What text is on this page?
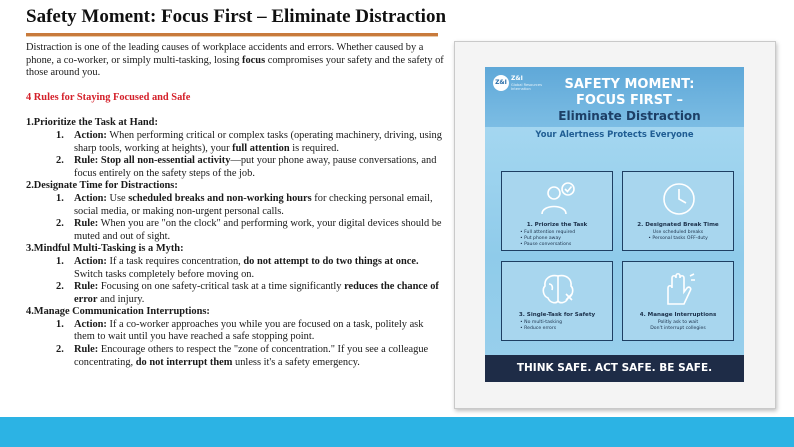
Safety Moment: Focus First – Eliminate Distraction

Distraction is one of the leading causes of workplace accidents and errors. Whether caused by a phone, a co-worker, or simply multi-tasking, losing focus compromises your safety and the safety of those around you.

4 Rules for Staying Focused and Safe

1.Prioritize the Task at Hand:
1. Action: When performing critical or complex tasks (operating machinery, driving, using sharp tools, working at heights), your full attention is required.
2. Rule: Stop all non-essential activity—put your phone away, pause conversations, and focus entirely on the safety steps of the job.
2.Designate Time for Distractions:
1. Action: Use scheduled breaks and non-working hours for checking personal email, social media, or making non-urgent personal calls.
2. Rule: When you are "on the clock" and performing work, your digital devices should be muted and out of sight.
3.Mindful Multi-Tasking is a Myth:
1. Action: If a task requires concentration, do not attempt to do two things at once. Switch tasks completely before moving on.
2. Rule: Focusing on one safety-critical task at a time significantly reduces the chance of error and injury.
4.Manage Communication Interruptions:
1. Action: If a co-worker approaches you while you are focused on a task, politely ask them to wait until you have reached a safe stopping point.
2. Rule: Encourage others to respect the "zone of concentration." If you see a colleague concentrating, do not interrupt them unless it's a safety emergency.
Z&I
Z&I
Global Resources Internation	SAFETY MOMENT:
FOCUS FIRST –
Eliminate Distraction
Your Alertness Protects Everyone
1. Priorize the Task
• Full attention required
• Put phone away
• Pause conversations
2. Designated Break Time
Use scheduled breaks
• Personal tasks OFF-duty
3. Single-Task for Safety
• No multi-tasking
• Reduce errors
4. Manage Interruptions
Politly ask to wait
Don't interrupt collegies
THINK SAFE. ACT SAFE. BE SAFE.
